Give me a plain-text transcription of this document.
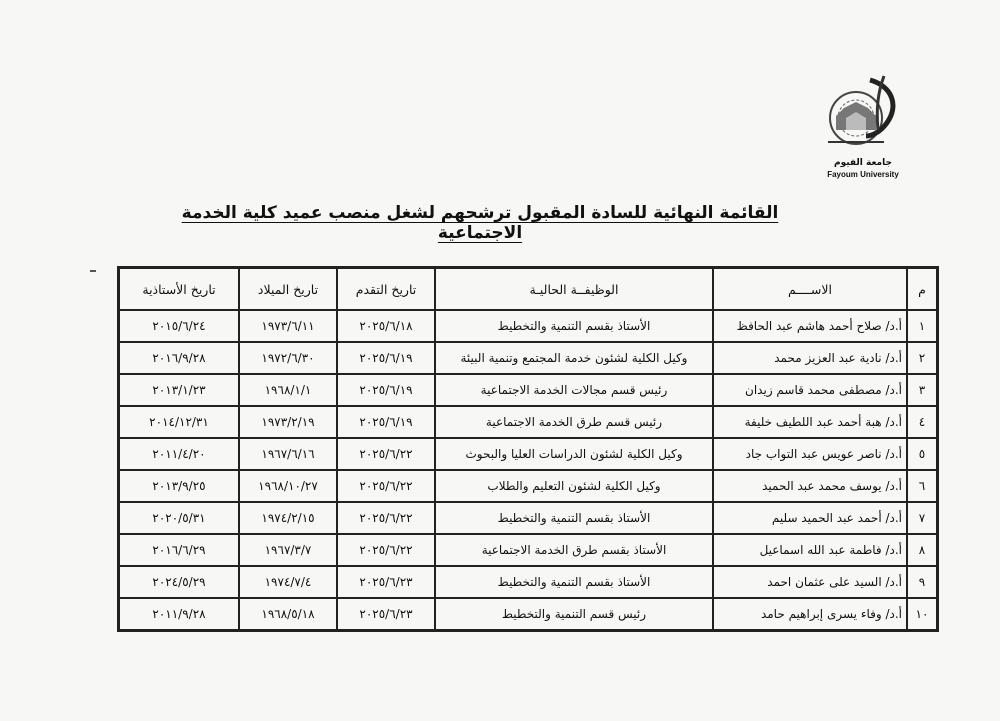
جامعة الفيوم
Fayoum University
القائمة النهائية للسادة المقبول ترشحهم لشغل منصب عميد كلية الخدمة الاجتماعية
م	الاســــم	الوظيفــة الحاليـة	تاريخ التقدم	تاريخ الميلاد	تاريخ الأستاذية
١	أ.د/ صلاح أحمد هاشم عبد الحافظ	الأستاذ بقسم التنمية والتخطيط	٢٠٢٥/٦/١٨	١٩٧٣/٦/١١	٢٠١٥/٦/٢٤
٢	أ.د/ نادية عبد العزيز محمد	وكيل الكلية لشئون خدمة المجتمع وتنمية البيئة	٢٠٢٥/٦/١٩	١٩٧٢/٦/٣٠	٢٠١٦/٩/٢٨
٣	أ.د/ مصطفى محمد قاسم زيدان	رئيس قسم مجالات الخدمة الاجتماعية	٢٠٢٥/٦/١٩	١٩٦٨/١/١	٢٠١٣/١/٢٣
٤	أ.د/ هبة أحمد عبد اللطيف خليفة	رئيس قسم طرق الخدمة الاجتماعية	٢٠٢٥/٦/١٩	١٩٧٣/٢/١٩	٢٠١٤/١٢/٣١
٥	أ.د/ ناصر عويس عبد التواب جاد	وكيل الكلية لشئون الدراسات العليا والبحوث	٢٠٢٥/٦/٢٢	١٩٦٧/٦/١٦	٢٠١١/٤/٢٠
٦	أ.د/ يوسف محمد عبد الحميد	وكيل الكلية لشئون التعليم والطلاب	٢٠٢٥/٦/٢٢	١٩٦٨/١٠/٢٧	٢٠١٣/٩/٢٥
٧	أ.د/ أحمد عبد الحميد سليم	الأستاذ بقسم التنمية والتخطيط	٢٠٢٥/٦/٢٢	١٩٧٤/٢/١٥	٢٠٢٠/٥/٣١
٨	أ.د/ فاطمة عبد الله اسماعيل	الأستاذ بقسم طرق الخدمة الاجتماعية	٢٠٢٥/٦/٢٢	١٩٦٧/٣/٧	٢٠١٦/٦/٢٩
٩	أ.د/ السيد على عثمان احمد	الأستاذ بقسم التنمية والتخطيط	٢٠٢٥/٦/٢٣	١٩٧٤/٧/٤	٢٠٢٤/٥/٢٩
١٠	أ.د/ وفاء يسرى إبراهيم حامد	رئيس قسم التنمية والتخطيط	٢٠٢٥/٦/٢٣	١٩٦٨/٥/١٨	٢٠١١/٩/٢٨
